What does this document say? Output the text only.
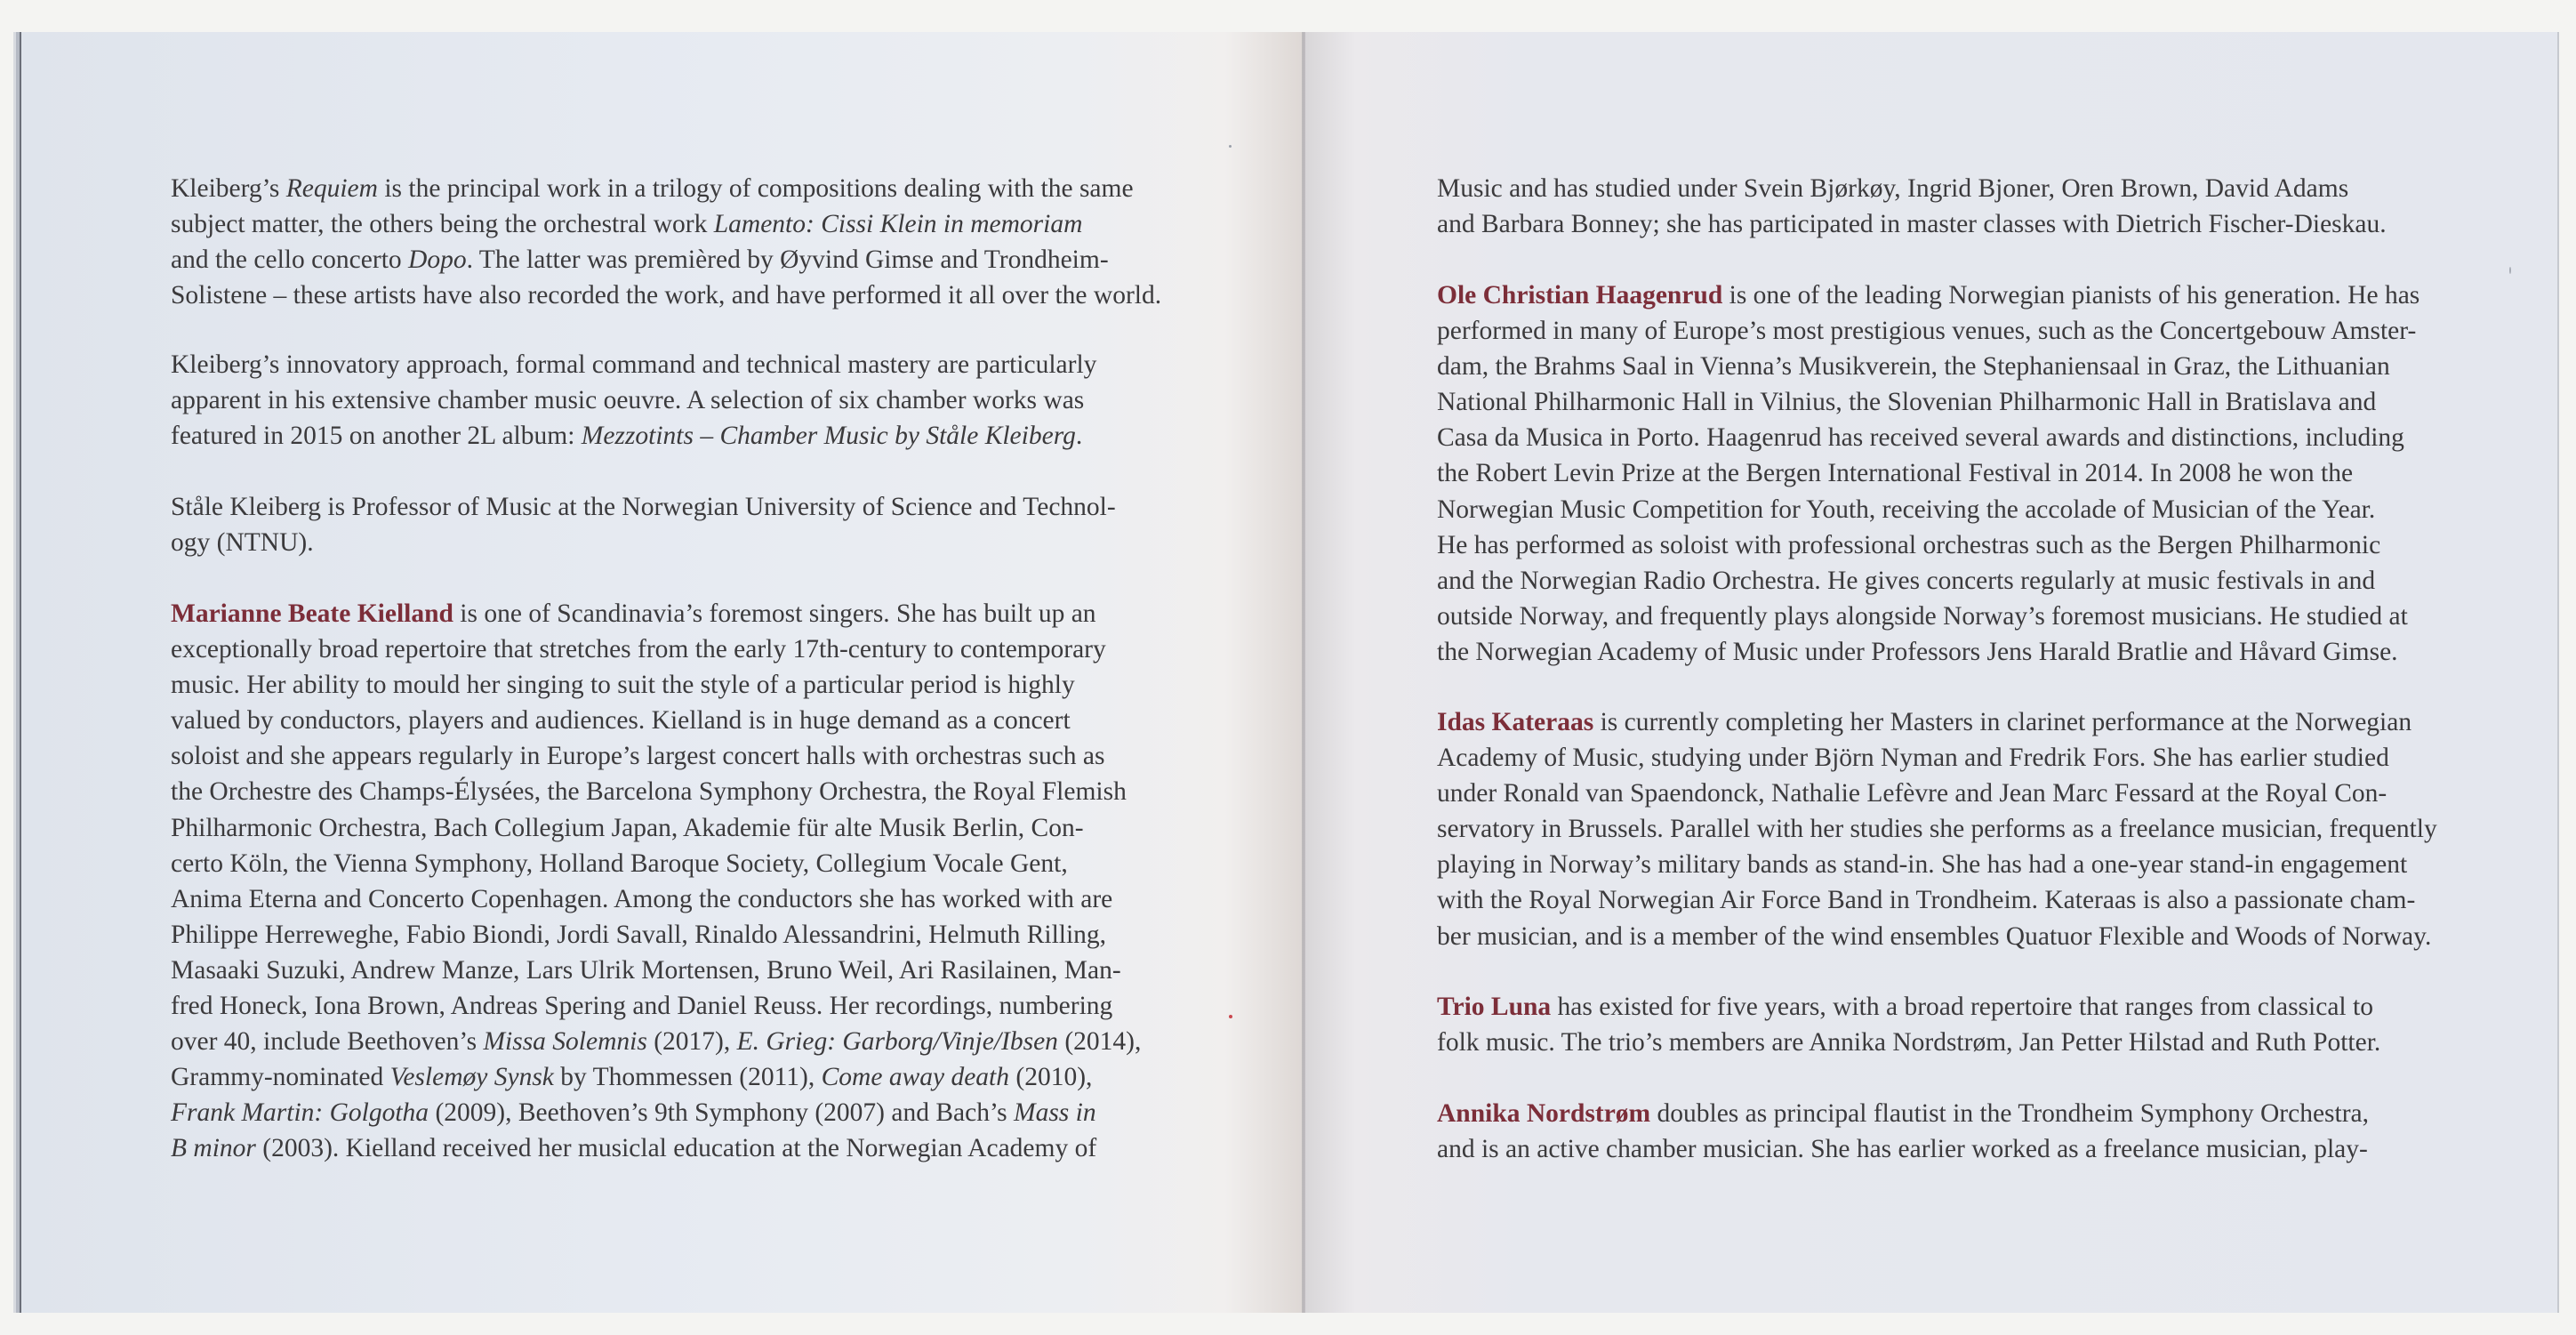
Kleiberg’s Requiem is the principal work in a trilogy of compositions dealing with the same
subject matter, the others being the orchestral work Lamento: Cissi Klein in memoriam
and the cello concerto Dopo. The latter was premièred by Øyvind Gimse and Trondheim-
Solistene – these artists have also recorded the work, and have performed it all over the world.

Kleiberg’s innovatory approach, formal command and technical mastery are particularly
apparent in his extensive chamber music oeuvre. A selection of six chamber works was
featured in 2015 on another 2L album: Mezzotints – Chamber Music by Ståle Kleiberg.

Ståle Kleiberg is Professor of Music at the Norwegian University of Science and Technol-
ogy (NTNU).

Marianne Beate Kielland is one of Scandinavia’s foremost singers. She has built up an
exceptionally broad repertoire that stretches from the early 17th-century to contemporary
music. Her ability to mould her singing to suit the style of a particular period is highly
valued by conductors, players and audiences. Kielland is in huge demand as a concert
soloist and she appears regularly in Europe’s largest concert halls with orchestras such as
the Orchestre des Champs-Élysées, the Barcelona Symphony Orchestra, the Royal Flemish
Philharmonic Orchestra, Bach Collegium Japan, Akademie für alte Musik Berlin, Con-
certo Köln, the Vienna Symphony, Holland Baroque Society, Collegium Vocale Gent,
Anima Eterna and Concerto Copenhagen. Among the conductors she has worked with are
Philippe Herreweghe, Fabio Biondi, Jordi Savall, Rinaldo Alessandrini, Helmuth Rilling,
Masaaki Suzuki, Andrew Manze, Lars Ulrik Mortensen, Bruno Weil, Ari Rasilainen, Man-
fred Honeck, Iona Brown, Andreas Spering and Daniel Reuss. Her recordings, numbering
over 40, include Beethoven’s Missa Solemnis (2017), E. Grieg: Garborg/Vinje/Ibsen (2014),
Grammy-nominated Veslemøy Synsk by Thommessen (2011), Come away death (2010),
Frank Martin: Golgotha (2009), Beethoven’s 9th Symphony (2007) and Bach’s Mass in
B minor (2003). Kielland received her musiclal education at the Norwegian Academy of

Music and has studied under Svein Bjørkøy, Ingrid Bjoner, Oren Brown, David Adams
and Barbara Bonney; she has participated in master classes with Dietrich Fischer-Dieskau.

Ole Christian Haagenrud is one of the leading Norwegian pianists of his generation. He has
performed in many of Europe’s most prestigious venues, such as the Concertgebouw Amster-
dam, the Brahms Saal in Vienna’s Musikverein, the Stephaniensaal in Graz, the Lithuanian
National Philharmonic Hall in Vilnius, the Slovenian Philharmonic Hall in Bratislava and
Casa da Musica in Porto. Haagenrud has received several awards and distinctions, including
the Robert Levin Prize at the Bergen International Festival in 2014. In 2008 he won the
Norwegian Music Competition for Youth, receiving the accolade of Musician of the Year.
He has performed as soloist with professional orchestras such as the Bergen Philharmonic
and the Norwegian Radio Orchestra. He gives concerts regularly at music festivals in and
outside Norway, and frequently plays alongside Norway’s foremost musicians. He studied at
the Norwegian Academy of Music under Professors Jens Harald Bratlie and Håvard Gimse.

Idas Kateraas is currently completing her Masters in clarinet performance at the Norwegian
Academy of Music, studying under Björn Nyman and Fredrik Fors. She has earlier studied
under Ronald van Spaendonck, Nathalie Lefèvre and Jean Marc Fessard at the Royal Con-
servatory in Brussels. Parallel with her studies she performs as a freelance musician, frequently
playing in Norway’s military bands as stand-in. She has had a one-year stand-in engagement
with the Royal Norwegian Air Force Band in Trondheim. Kateraas is also a passionate cham-
ber musician, and is a member of the wind ensembles Quatuor Flexible and Woods of Norway.

Trio Luna has existed for five years, with a broad repertoire that ranges from classical to
folk music. The trio’s members are Annika Nordstrøm, Jan Petter Hilstad and Ruth Potter.

Annika Nordstrøm doubles as principal flautist in the Trondheim Symphony Orchestra,
and is an active chamber musician. She has earlier worked as a freelance musician, play-
